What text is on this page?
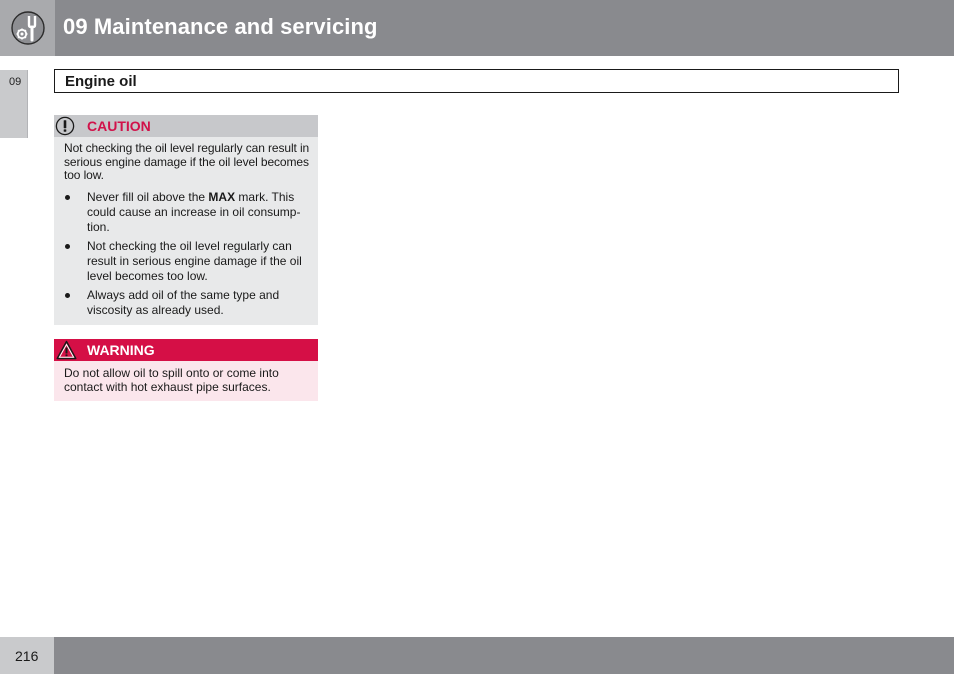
09 Maintenance and servicing
09	Engine oil
CAUTION

Not checking the oil level regularly can result in serious engine damage if the oil level becomes too low.

Never fill oil above the MAX mark. This could cause an increase in oil consump-tion.
Not checking the oil level regularly can result in serious engine damage if the oil level becomes too low.
Always add oil of the same type and viscosity as already used.
WARNING
Do not allow oil to spill onto or come into contact with hot exhaust pipe surfaces.
216
